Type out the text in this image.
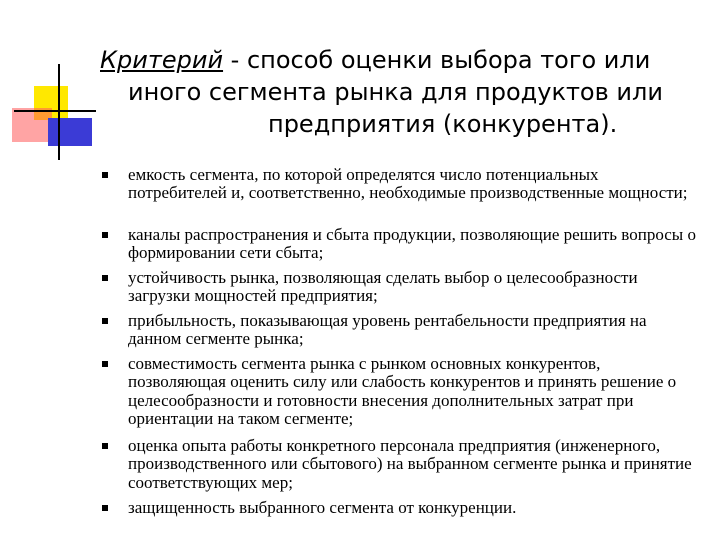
Критерий - способ оценки выбора того или
иного сегмента рынка для продуктов или
предприятия (конкурента).
емкость сегмента, по которой определятся число потенциальных потребителей и, соответственно, необходимые производственные мощности;
каналы распространения и сбыта продукции, позволяющие решить вопросы о формировании сети сбыта;
устойчивость рынка, позволяющая сделать выбор о целесообразности загрузки мощностей предприятия;
прибыльность, показывающая уровень рентабельности предприятия на данном сегменте рынка;
совместимость сегмента рынка с рынком основных конкурентов, позволяющая оценить силу или слабость конкурентов и принять решение о целесообразности и готовности внесения дополнительных затрат при ориентации на таком сегменте;
оценка опыта работы конкретного персонала предприятия (инженерного, производственного или сбытового) на выбранном сегменте рынка и принятие соответствующих мер;
защищенность выбранного сегмента от конкуренции.
